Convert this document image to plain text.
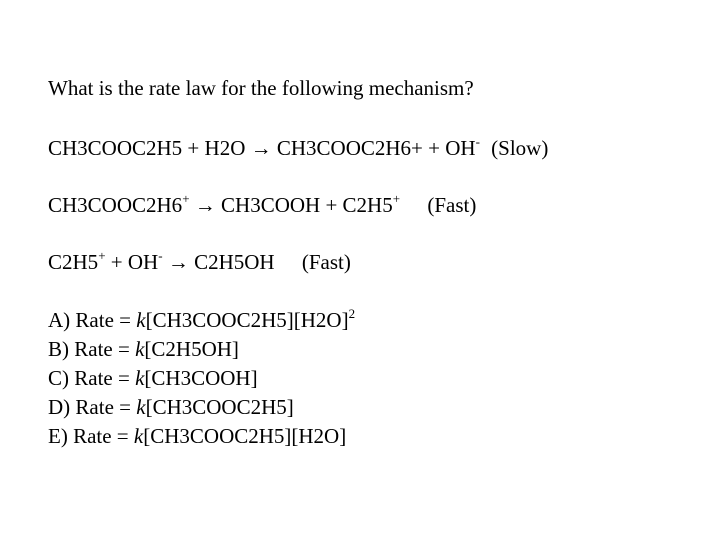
What is the rate law for the following mechanism?
CH3COOC2H5 + H2O → CH3COOC2H6+ + OH- (Slow)
CH3COOC2H6+ → CH3COOH + C2H5+ (Fast)
C2H5+ + OH- → C2H5OH (Fast)
A) Rate = $k[CH3COOC2H5][H2O]^2$
B) Rate = k[C2H5OH]
C) Rate = k[CH3COOH]
D) Rate = k[CH3COOC2H5]
E) Rate = k[CH3COOC2H5][H2O]
